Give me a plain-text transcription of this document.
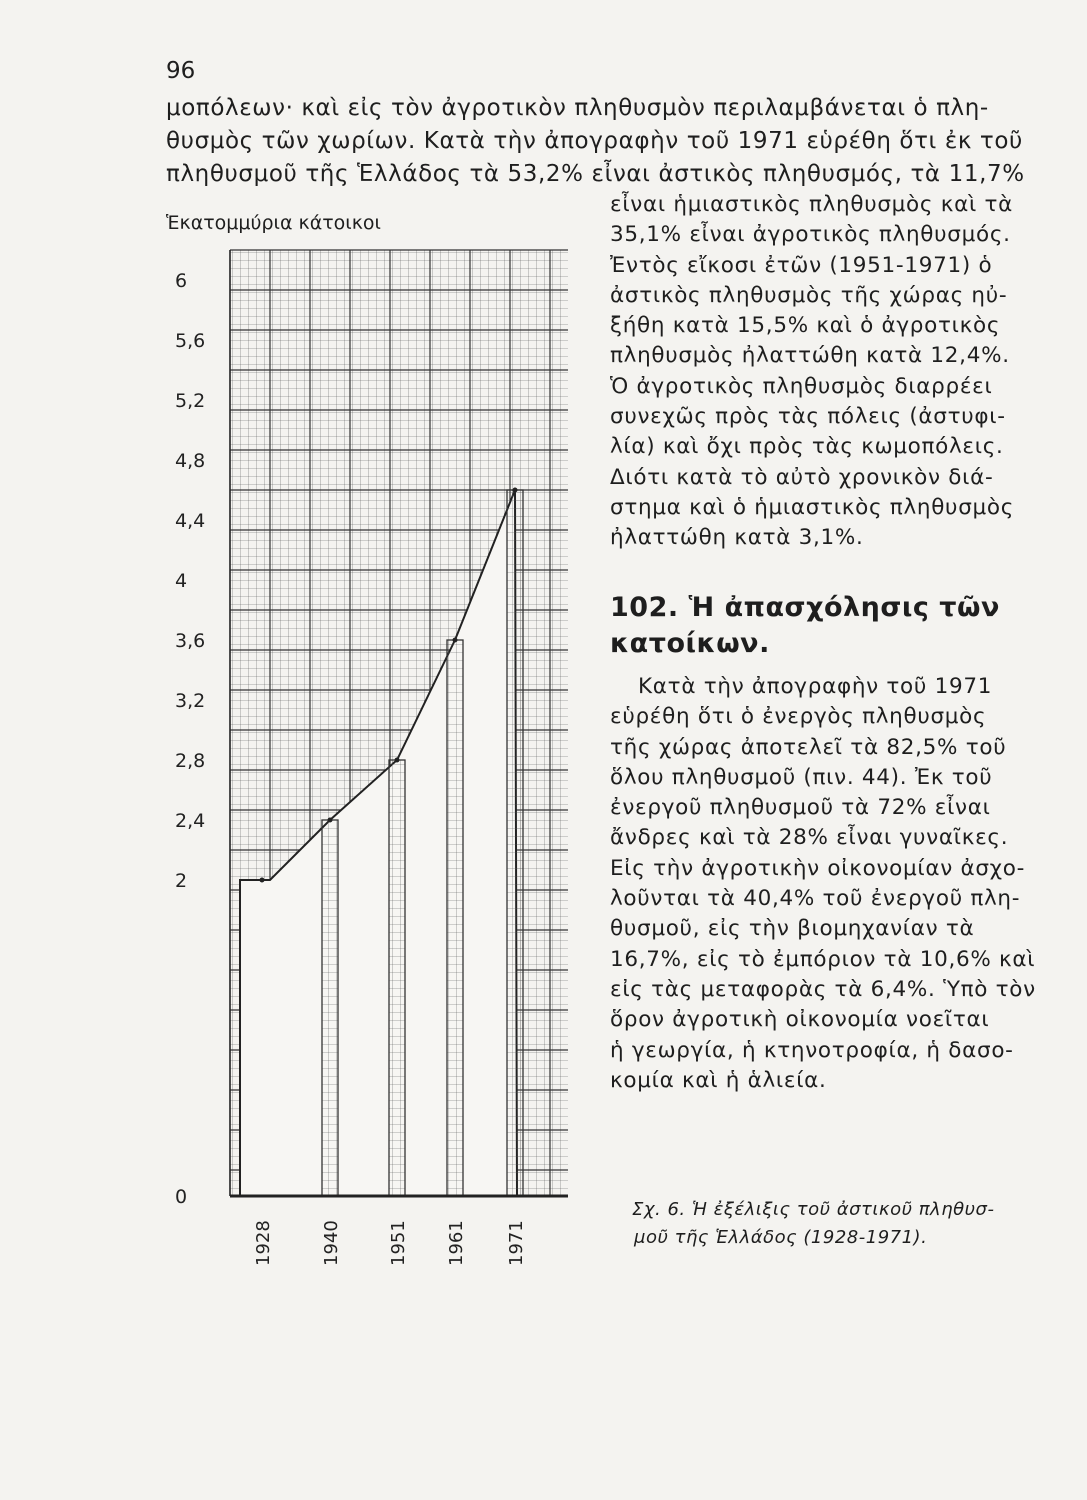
96
μοπόλεων· καὶ εἰς τὸν ἀγροτικὸν πληθυσμὸν περιλαμβάνεται ὁ πλη-
θυσμὸς τῶν χωρίων. Κατὰ τὴν ἀπογραφὴν τοῦ 1971 εὑρέθη ὅτι ἐκ τοῦ
πληθυσμοῦ τῆς Ἑλλάδος τὰ 53,2% εἶναι ἀστικὸς πληθυσμός, τὰ 11,7%
Ἑκατομμύρια κάτοικοι
6
5,6
5,2
4,8
4,4
4
3,6
3,2
2,8
2,4
2
0
1928	1940	1951 1961 1971
εἶναι ἡμιαστικὸς πληθυσμὸς καὶ τὰ
35,1% εἶναι ἀγροτικὸς πληθυσμός.
Ἐντὸς εἴκοσι ἐτῶν (1951-1971) ὁ
ἀστικὸς πληθυσμὸς τῆς χώρας ηὐ-
ξήθη κατὰ 15,5% καὶ ὁ ἀγροτικὸς
πληθυσμὸς ἠλαττώθη κατὰ 12,4%.
Ὁ ἀγροτικὸς πληθυσμὸς διαρρέει
συνεχῶς πρὸς τὰς πόλεις (ἀστυφι-
λία) καὶ ὄχι πρὸς τὰς κωμοπόλεις.
Διότι κατὰ τὸ αὐτὸ χρονικὸν διά-
στημα καὶ ὁ ἡμιαστικὸς πληθυσμὸς
ἠλαττώθη κατὰ 3,1%.
102. Ἡ ἀπασχόλησις τῶν
κατοίκων.
Κατὰ τὴν ἀπογραφὴν τοῦ 1971
εὑρέθη ὅτι ὁ ἐνεργὸς πληθυσμὸς
τῆς χώρας ἀποτελεῖ τὰ 82,5% τοῦ
ὅλου πληθυσμοῦ (πιν. 44). Ἐκ τοῦ
ἐνεργοῦ πληθυσμοῦ τὰ 72% εἶναι
ἄνδρες καὶ τὰ 28% εἶναι γυναῖκες.
Εἰς τὴν ἀγροτικὴν οἰκονομίαν ἀσχο-
λοῦνται τὰ 40,4% τοῦ ἐνεργοῦ πλη-
θυσμοῦ, εἰς τὴν βιομηχανίαν τὰ
16,7%, εἰς τὸ ἐμπόριον τὰ 10,6% καὶ
εἰς τὰς μεταφορὰς τὰ 6,4%. Ὑπὸ τὸν
ὅρον ἀγροτικὴ οἰκονομία νοεῖται
ἡ γεωργία, ἡ κτηνοτροφία, ἡ δασο-
κομία καὶ ἡ ἁλιεία.
Σχ. 6. Ἡ ἐξέλιξις τοῦ ἀστικοῦ πληθυσ-
μοῦ τῆς Ἑλλάδος (1928-1971).
